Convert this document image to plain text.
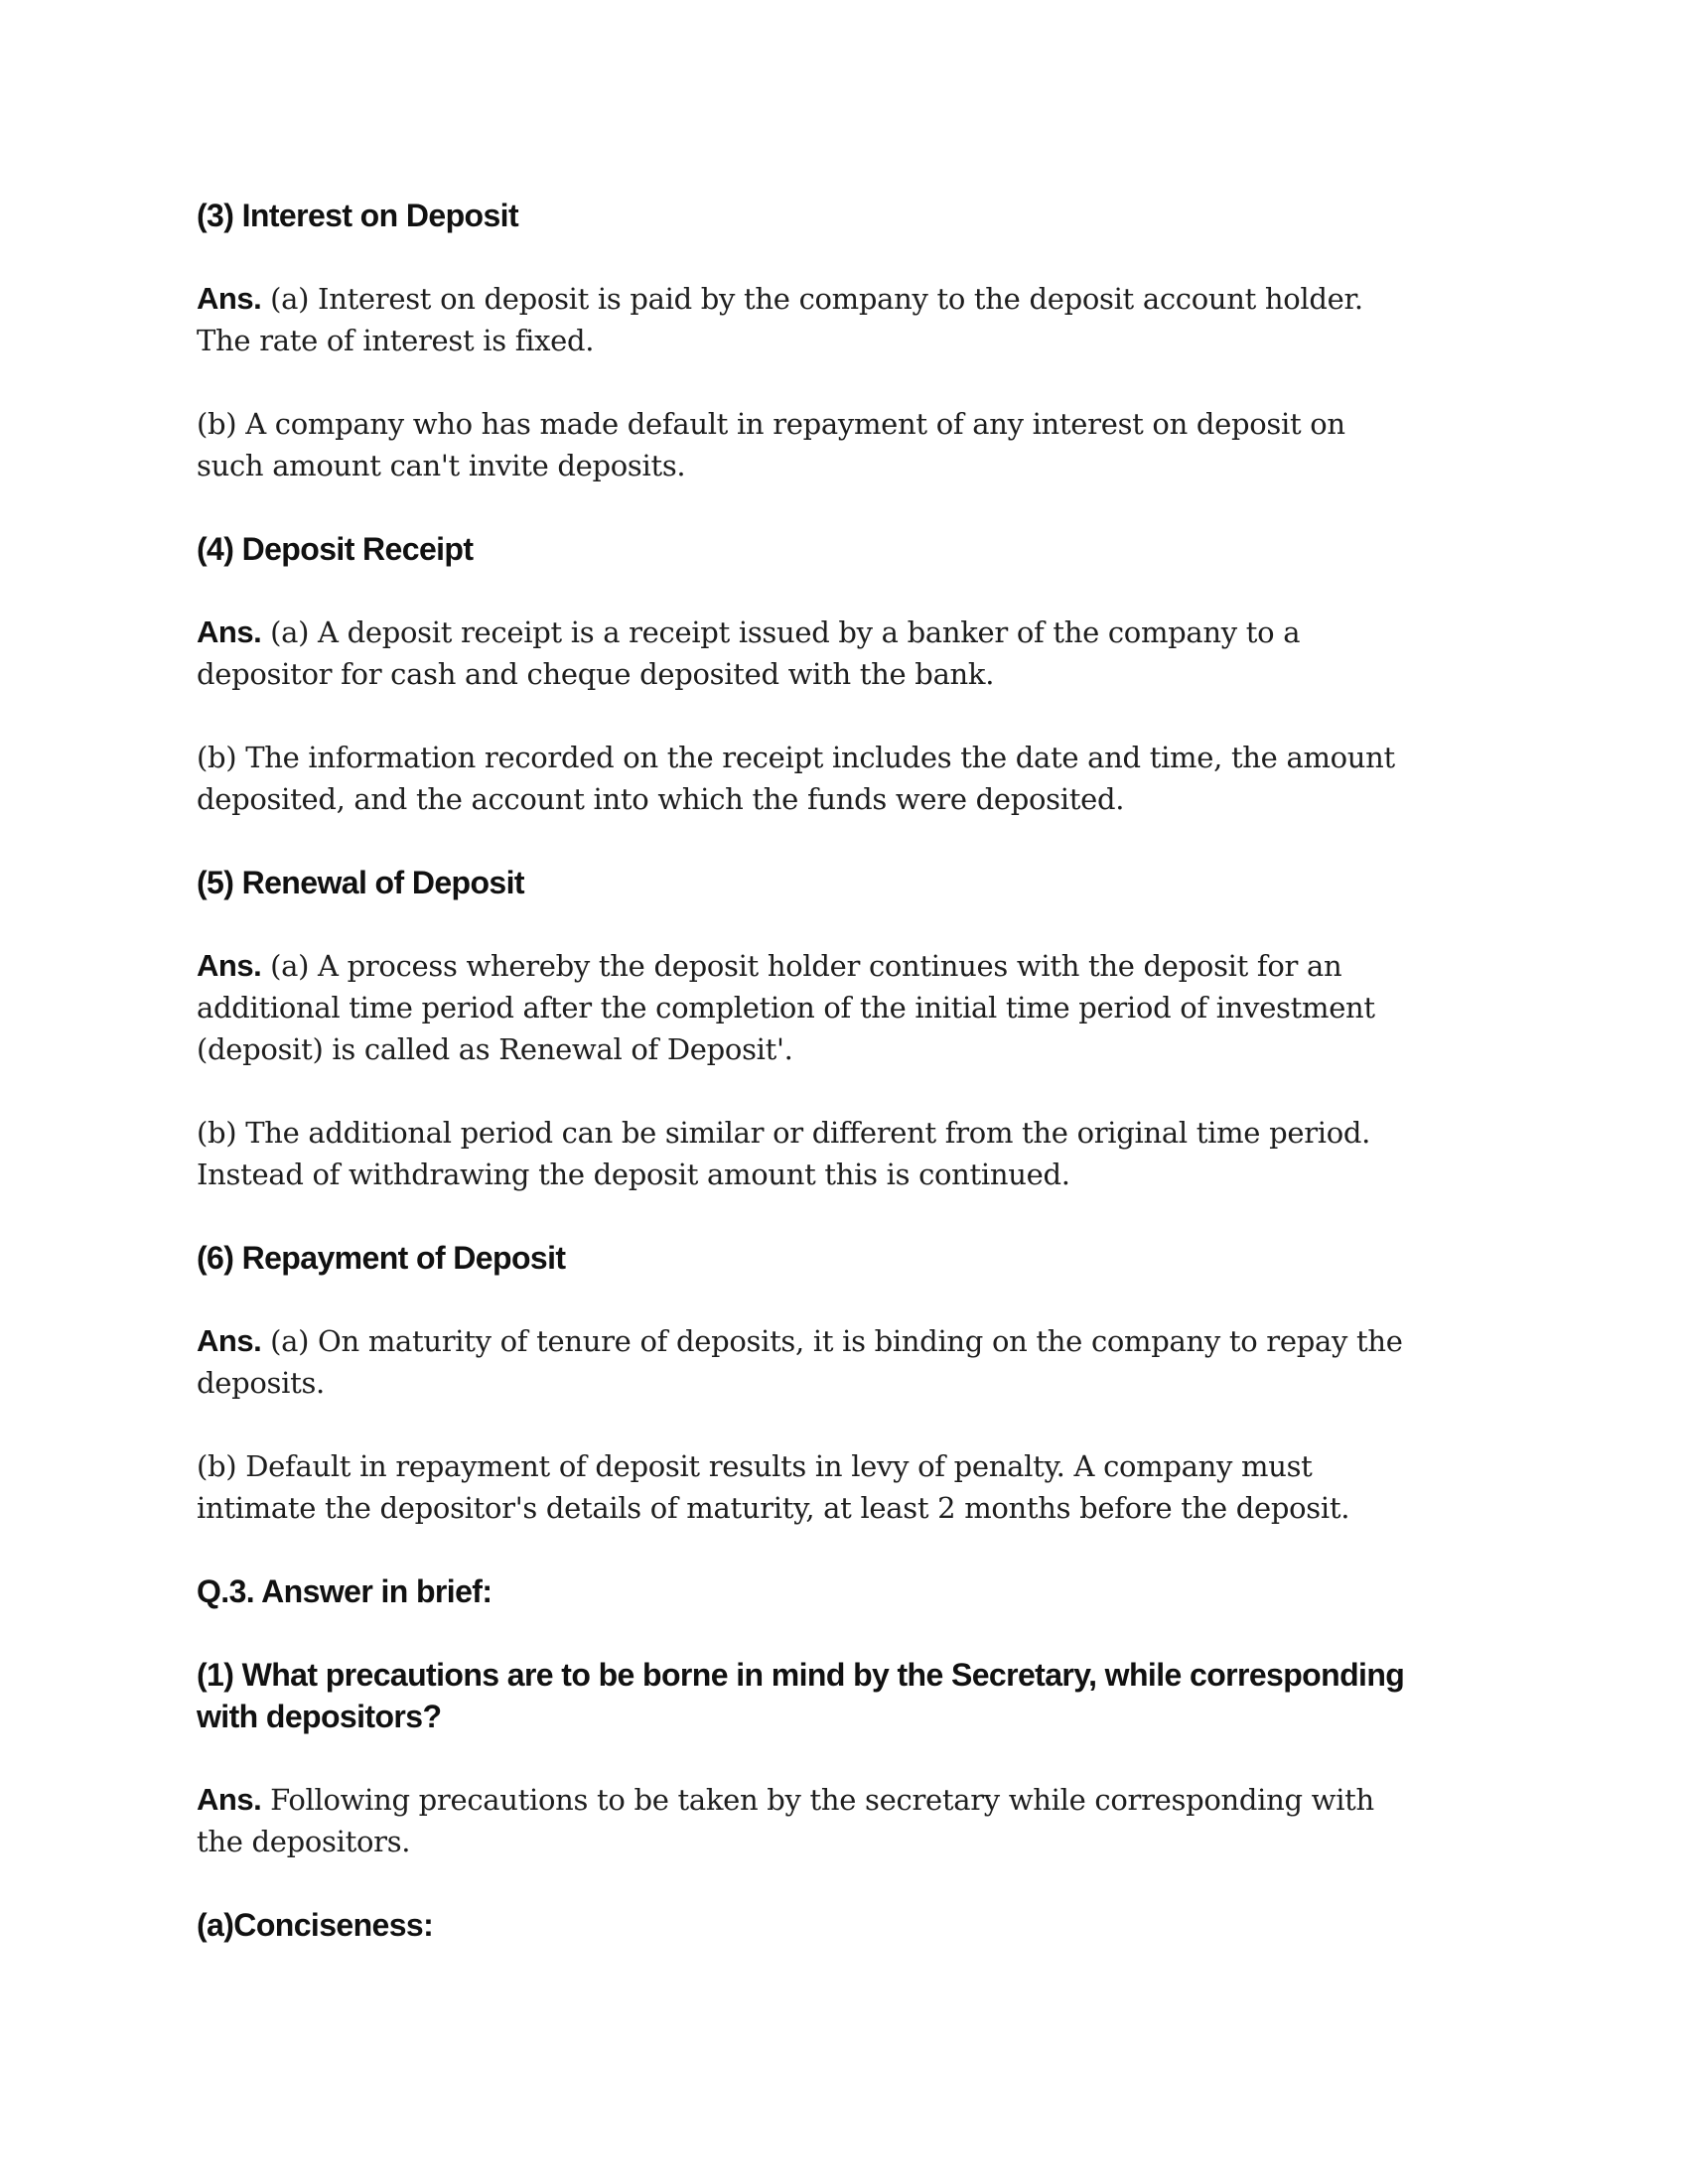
(3) Interest on Deposit
Ans. (a) Interest on deposit is paid by the company to the deposit account holder.
The rate of interest is fixed.
(b) A company who has made default in repayment of any interest on deposit on
such amount can't invite deposits.
(4) Deposit Receipt
Ans. (a) A deposit receipt is a receipt issued by a banker of the company to a
depositor for cash and cheque deposited with the bank.
(b) The information recorded on the receipt includes the date and time, the amount
deposited, and the account into which the funds were deposited.
(5) Renewal of Deposit
Ans. (a) A process whereby the deposit holder continues with the deposit for an
additional time period after the completion of the initial time period of investment
(deposit) is called as Renewal of Deposit'.
(b) The additional period can be similar or different from the original time period.
Instead of withdrawing the deposit amount this is continued.
(6) Repayment of Deposit
Ans. (a) On maturity of tenure of deposits, it is binding on the company to repay the
deposits.
(b) Default in repayment of deposit results in levy of penalty. A company must
intimate the depositor's details of maturity, at least 2 months before the deposit.
Q.3. Answer in brief:
(1) What precautions are to be borne in mind by the Secretary, while corresponding
with depositors?
Ans. Following precautions to be taken by the secretary while corresponding with
the depositors.
(a)Conciseness:
